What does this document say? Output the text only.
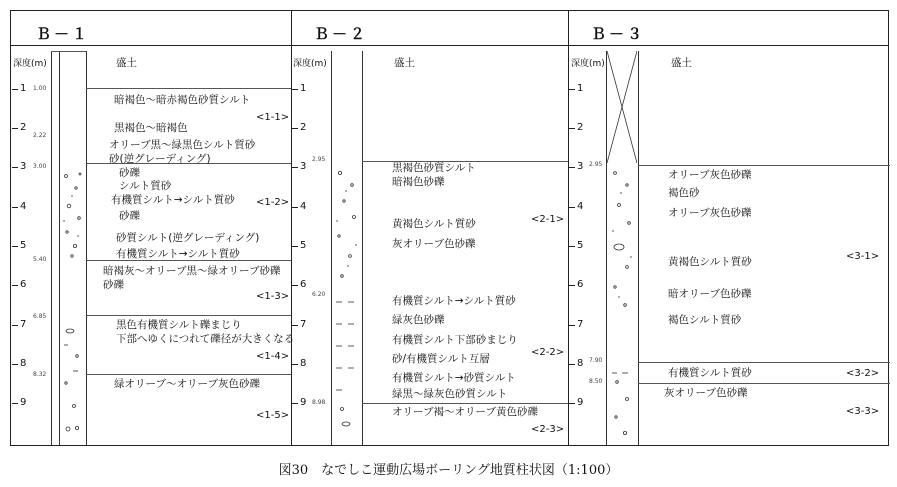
Ｂ－１	Ｂ－２	Ｂ－３
深度(m)
1
2
3
4
5
6
7
8
9
1.00
2.22
3.00
5.40
6.85
8.32
盛土
暗褐色～暗赤褐色砂質シルト
黒褐色～暗褐色
オリーブ黒～緑黒色シルト質砂
砂(逆グレーディング)
砂礫
シルト質砂
有機質シルト→シルト質砂
砂礫
砂質シルト(逆グレーディング)
有機質シルト→シルト質砂
暗褐灰～オリーブ黒～緑オリーブ砂礫
砂礫
黒色有機質シルト礫まじり
下部へゆくにつれて礫径が大きくなる
緑オリーブ～オリーブ灰色砂礫
<1-1>
<1-2>
<1-3>
<1-4>
<1-5>
深度(m)
1
2
3
4
5
6
7
8
9
2.95
6.20
8.98
盛土
黒褐色砂質シルト
暗褐色砂礫
黄褐色シルト質砂
灰オリーブ色砂礫
有機質シルト→シルト質砂
緑灰色砂礫
有機質シルト下部砂まじり
砂/有機質シルト互層
有機質シルト→砂質シルト
緑黒～緑灰色砂質シルト
オリーブ褐～オリーブ黄色砂礫
<2-1>
<2-2>
<2-3>
深度(m)
1
2
3
4
5
6
7
8
9
2.95
7.90
8.50
盛土
オリーブ灰色砂礫
褐色砂
オリーブ灰色砂礫
黄褐色シルト質砂
暗オリーブ色砂礫
褐色シルト質砂
有機質シルト質砂
灰オリーブ色砂礫
<3-1>
<3-2>
<3-3>
図30　なでしこ運動広場ボーリング地質柱状図（1:100）
